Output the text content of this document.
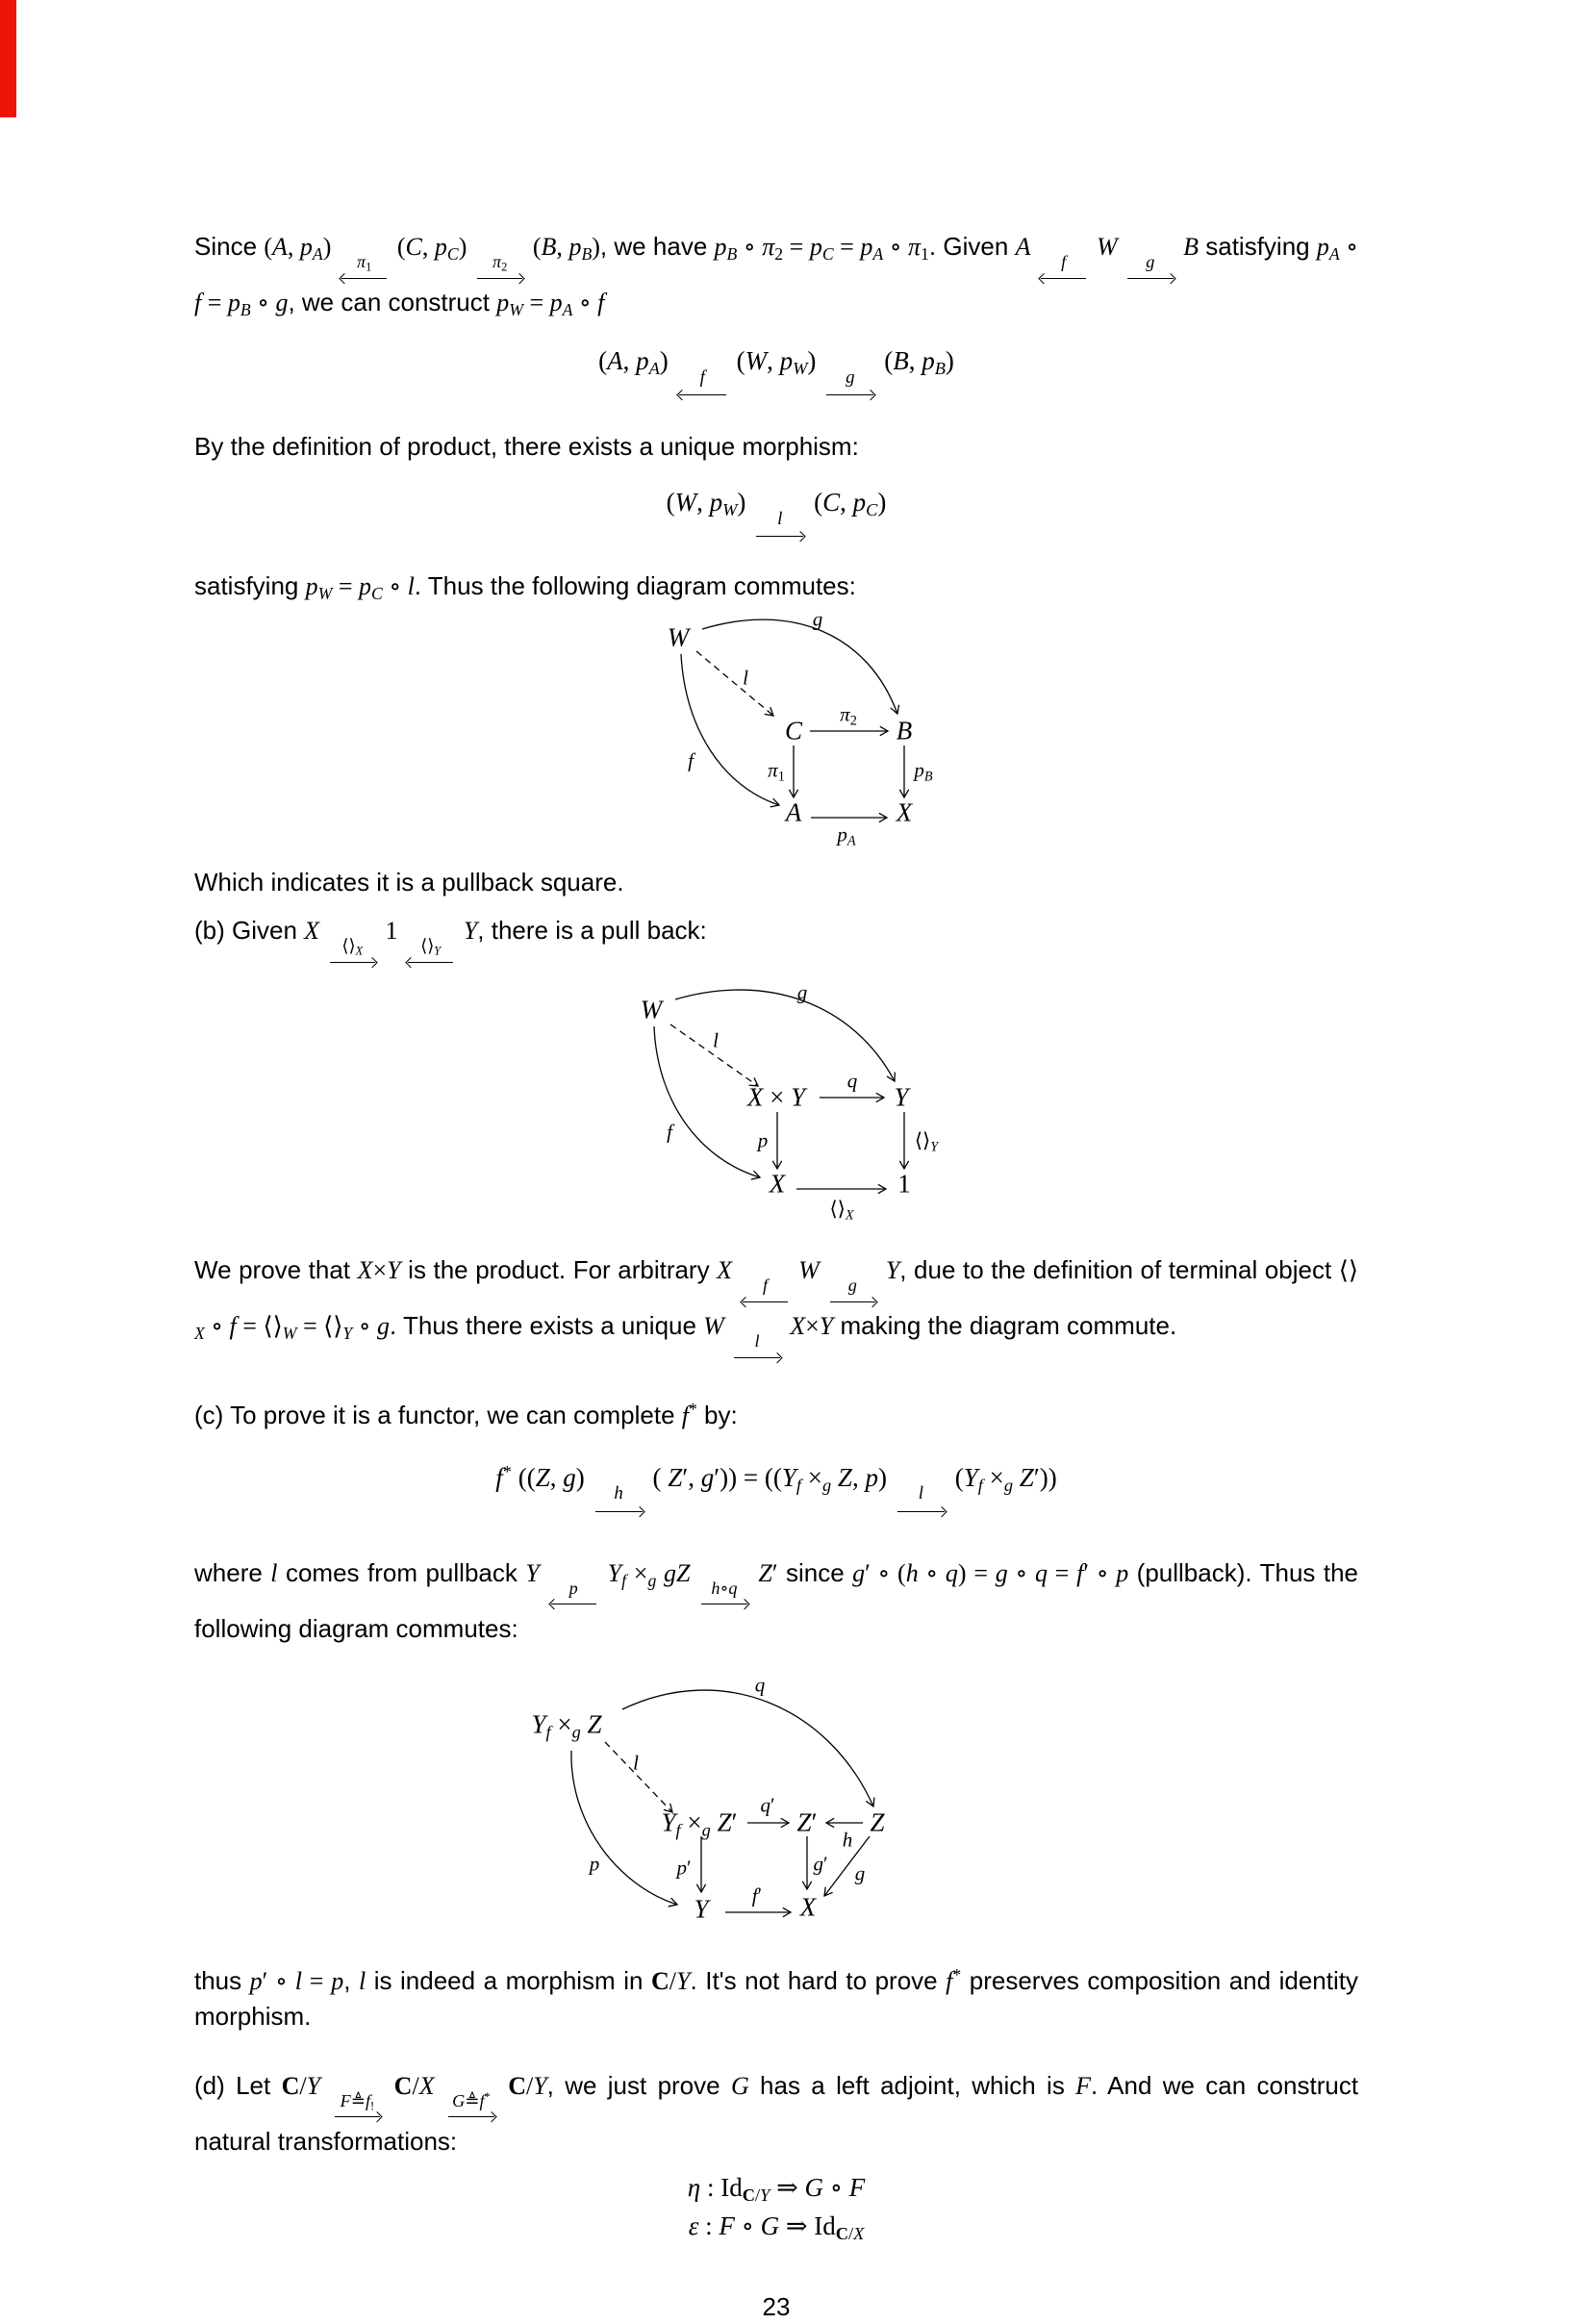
Since (A, $p_A$)
$\pi_1$
(C, $p_C$)
$\pi_2$
(B, $p_B$), we have $p_B$ ∘ $\pi_2 = p_C = p_A$ ∘ $\pi_1$. Given A
f
W
g
B satisfying $p_A$ ∘ $f = p_B$ ∘ g, we can construct $p_W = p_A$ ∘ f
(A, $p_A$)
f
(W, $p_W$)
g
(B, $p_B$)
By the definition of product, there exists a unique morphism:
(W, $p_W$)
l
(C, $p_C$)
satisfying $p_W = p_C$ ∘ l. Thus the following diagram commutes:
W
C	B
A	X
g
l
f
$\pi_2$
$\pi_1$	$p_B$
$p_A$
Which indicates it is a pullback square.
(b) Given X
$⟨⟩_X$
1
$⟨⟩_Y$
Y, there is a pull back:
W
X × Y	Y
X	1
g
l
f
q
p	$⟨⟩_Y$
$⟨⟩_X$
We prove that X×Y is the product. For arbitrary X
f
W
g
Y, due to the definition of terminal object $⟨⟩_X$ ∘ $f = ⟨⟩_W$ = $⟨⟩_Y$ ∘ g. Thus there exists a unique W
l
X×Y making the diagram commute.
(c) To prove it is a functor, we can complete f* by:
f* ((Z, g)
h
( Z′, $g')) = ((Y_f \times_g$ Z, p)
l
($Y_f \times_g$ Z′))
where l comes from pullback Y
p
$Y_f \times_g$ gZ
h∘q
Z′ since g′ ∘ (h ∘ q) = g ∘ q = f′ ∘ p (pullback). Thus the following diagram commutes:
$Y_f \times_g$ Z
$Y_f \times_g$ Z′ Z′ Z
Y	X
q
l
p
q′
h
p′	g′ g
f′
thus p′ ∘ l = p, l is indeed a morphism in C/Y. It's not hard to prove f* preserves composition and identity morphism.
(d) Let C/Y
$F≜f_!$
C/X
G≜f* C/Y, we just prove G has a left adjoint, which is F. And we can construct natural transformations:
η : $Id_{C/Y}$ ⇒ G ∘ F
ε : F ∘ G ⇒ $Id_{C/X}$
23
